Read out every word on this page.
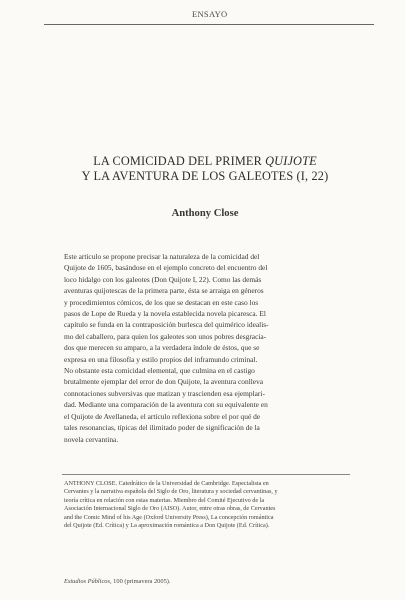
ENSAYO
LA COMICIDAD DEL PRIMER QUIJOTE
Y LA AVENTURA DE LOS GALEOTES (I, 22)
Anthony Close
Este artículo se propone precisar la naturaleza de la comicidad del
Quijote de 1605, basándose en el ejemplo concreto del encuentro del
loco hidalgo con los galeotes (Don Quijote I, 22). Como las demás
aventuras quijotescas de la primera parte, ésta se arraiga en géneros
y procedimientos cómicos, de los que se destacan en este caso los
pasos de Lope de Rueda y la novela establecida novela picaresca. El
capítulo se funda en la contraposición burlesca del quimérico idealis-
mo del caballero, para quien los galeotes son unos pobres desgracia-
dos que merecen su amparo, a la verdadera índole de éstos, que se
expresa en una filosofía y estilo propios del inframundo criminal.
No obstante esta comicidad elemental, que culmina en el castigo
brutalmente ejemplar del error de don Quijote, la aventura conlleva
connotaciones subversivas que matizan y trascienden esa ejemplari-
dad. Mediante una comparación de la aventura con su equivalente en
el Quijote de Avellaneda, el artículo reflexiona sobre el por qué de
tales resonancias, típicas del ilimitado poder de significación de la
novela cervantina.
ANTHONY CLOSE. Catedrático de la Universidad de Cambridge. Especialista en
Cervantes y la narrativa española del Siglo de Oro, literatura y sociedad cervantinas, y
teoría crítica en relación con estas materias. Miembro del Comité Ejecutivo de la
Asociación Internacional Siglo de Oro (AISO). Autor, entre otras obras, de Cervantes
and the Comic Mind of his Age (Oxford University Press), La concepción romántica
del Quijote (Ed. Crítica) y La aproximación romántica a Don Quijote (Ed. Crítica).
Estudios Públicos, 100 (primavera 2005).
